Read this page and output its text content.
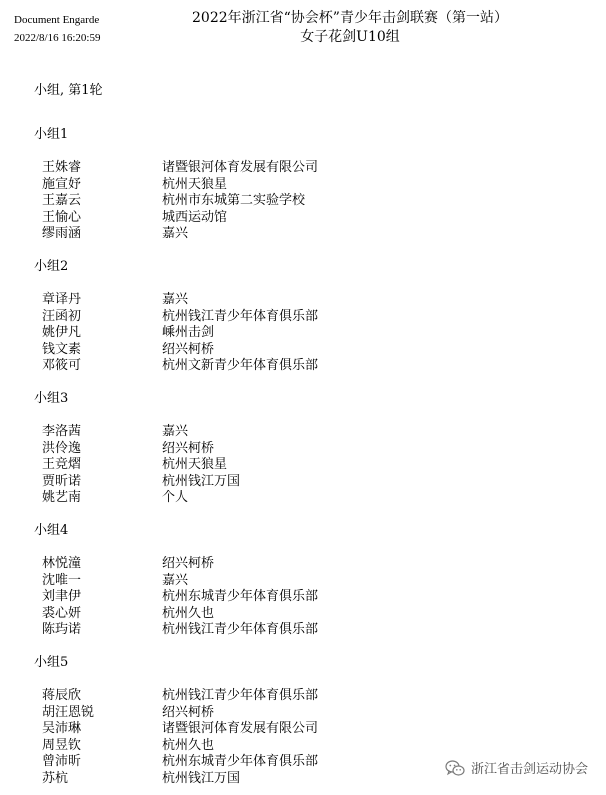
Document Engarde
2022/8/16 16:20:59
2022年浙江省“协会杯”青少年击剑联赛（第一站）
女子花剑U10组
小组, 第1轮
小组1
王姝睿	诸暨银河体育发展有限公司
施宣妤	杭州天狼星
王嘉云	杭州市东城第二实验学校
王愉心	城西运动馆
缪雨涵	嘉兴
小组2
章译丹	嘉兴
汪函初	杭州钱江青少年体育俱乐部
姚伊凡	嵊州击剑
钱文素	绍兴柯桥
邓筱可	杭州文新青少年体育俱乐部
小组3
李洛茜	嘉兴
洪伶逸	绍兴柯桥
王竞熠	杭州天狼星
贾昕诺	杭州钱江万国
姚艺南	个人
小组4
林悦潼	绍兴柯桥
沈唯一	嘉兴
刘聿伊	杭州东城青少年体育俱乐部
裘心妍	杭州久也
陈玙诺	杭州钱江青少年体育俱乐部
小组5
蒋辰欣	杭州钱江青少年体育俱乐部
胡汪恩锐	绍兴柯桥
吴沛琳	诸暨银河体育发展有限公司
周昱钦	杭州久也
曾沛昕	杭州东城青少年体育俱乐部
苏杭	杭州钱江万国
浙江省击剑运动协会
